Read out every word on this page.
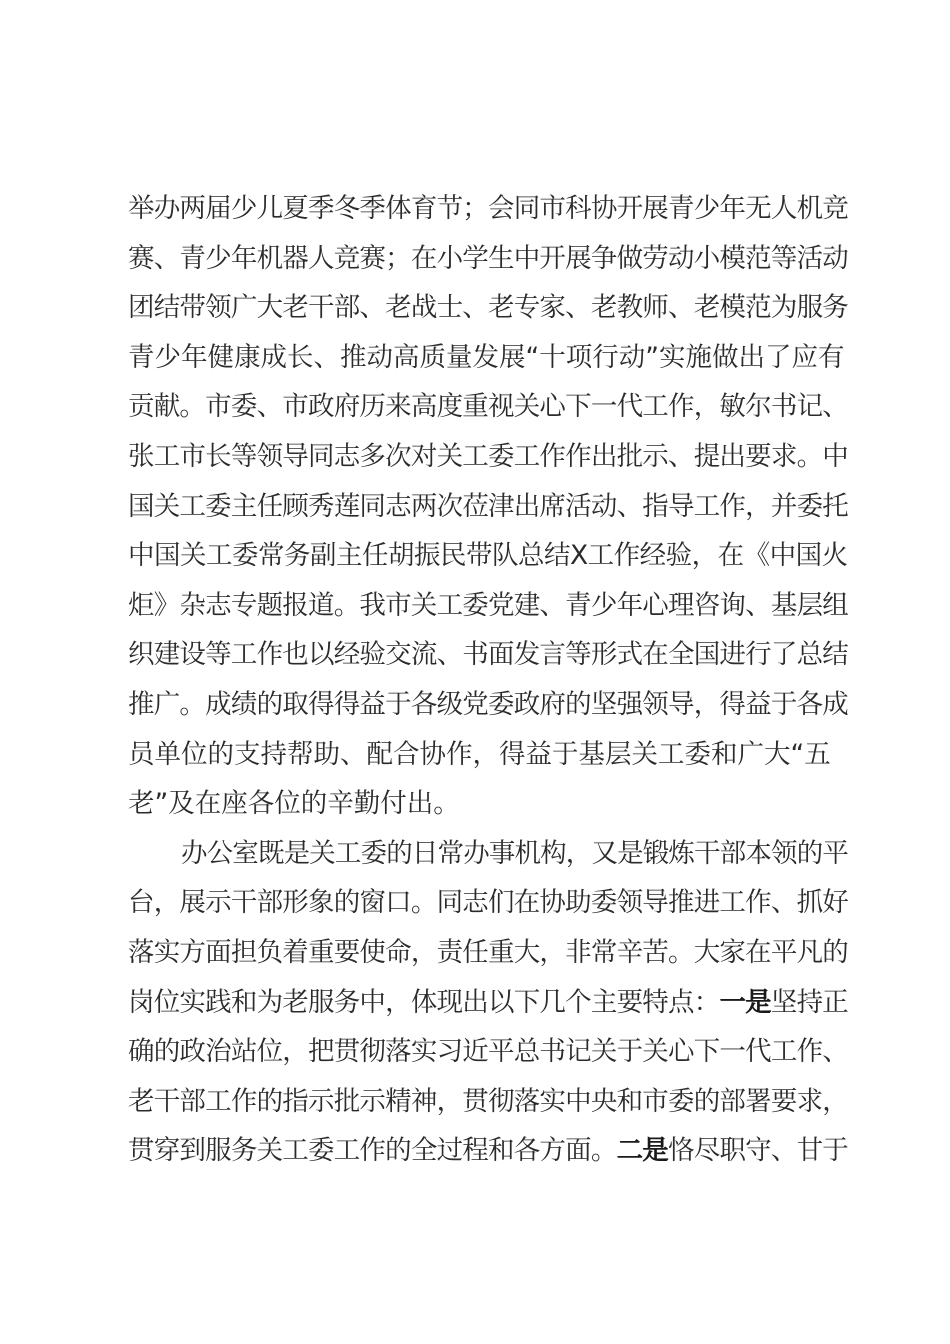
举办两届少儿夏季冬季体育节；会同市科协开展青少年无人机竞
赛、青少年机器人竞赛；在小学生中开展争做劳动小模范等活动
团结带领广大老干部、老战士、老专家、老教师、老模范为服务
青少年健康成长、推动高质量发展“十项行动”实施做出了应有
贡献。市委、市政府历来高度重视关心下一代工作，敏尔书记、
张工市长等领导同志多次对关工委工作作出批示、提出要求。中
国关工委主任顾秀莲同志两次莅津出席活动、指导工作，并委托
中国关工委常务副主任胡振民带队总结X工作经验，在《中国火
炬》杂志专题报道。我市关工委党建、青少年心理咨询、基层组
织建设等工作也以经验交流、书面发言等形式在全国进行了总结
推广。成绩的取得得益于各级党委政府的坚强领导，得益于各成
员单位的支持帮助、配合协作，得益于基层关工委和广大“五
老”及在座各位的辛勤付出。
办公室既是关工委的日常办事机构，又是锻炼干部本领的平
台，展示干部形象的窗口。同志们在协助委领导推进工作、抓好
落实方面担负着重要使命，责任重大，非常辛苦。大家在平凡的
岗位实践和为老服务中，体现出以下几个主要特点：一是坚持正
确的政治站位，把贯彻落实习近平总书记关于关心下一代工作、
老干部工作的指示批示精神，贯彻落实中央和市委的部署要求，
贯穿到服务关工委工作的全过程和各方面。二是恪尽职守、甘于
